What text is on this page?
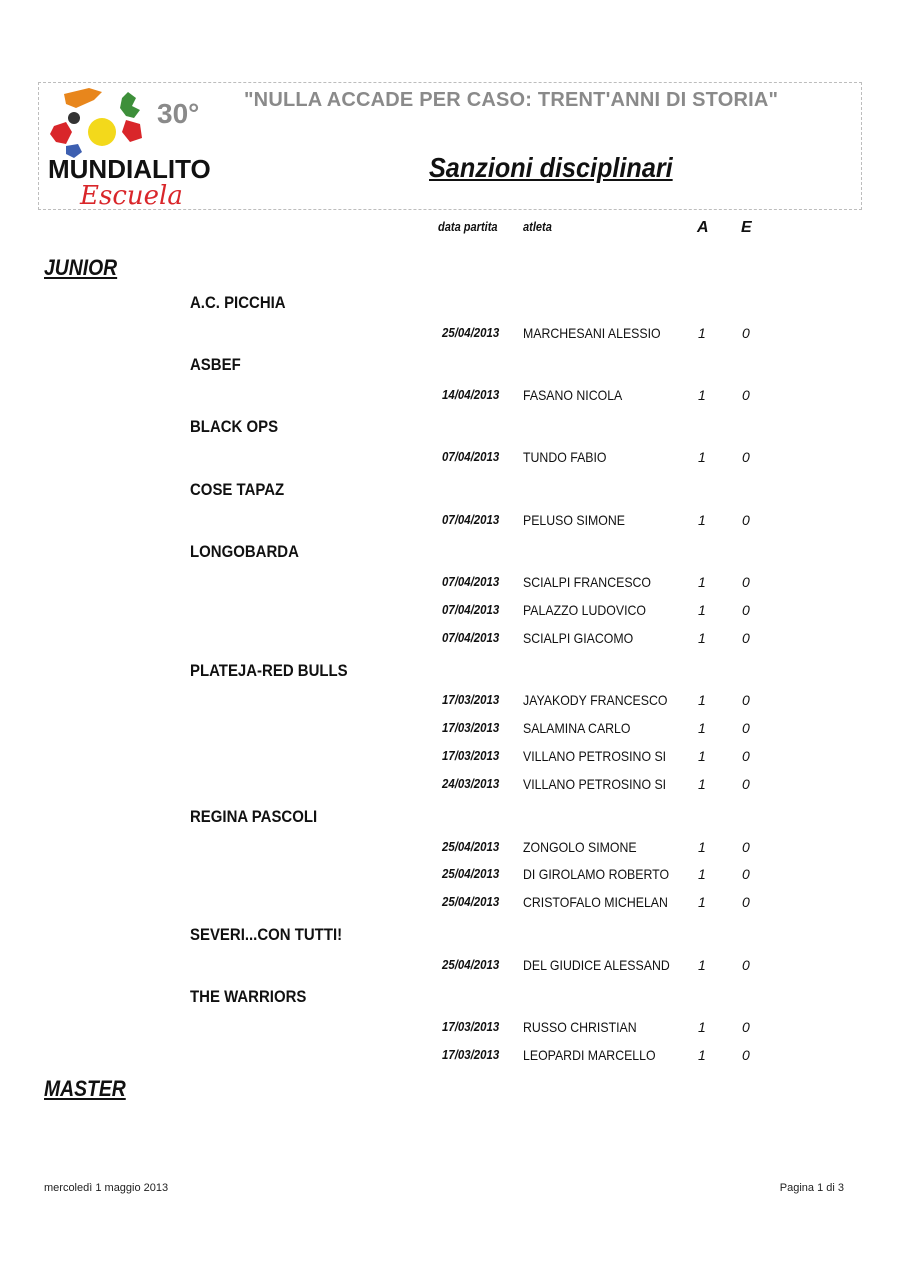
MUNDIALITO
Escuela
30° "NULLA ACCADE PER CASO: TRENT'ANNI DI STORIA"
Sanzioni disciplinari
data partita atleta	A E
JUNIOR
A.C. PICCHIA
25/04/2013 MARCHESANI ALESSIO	1	0
ASBEF
14/04/2013 FASANO NICOLA	1	0
BLACK OPS
07/04/2013 TUNDO FABIO	1	0
COSE TAPAZ
07/04/2013 PELUSO SIMONE	1	0
LONGOBARDA
07/04/2013 SCIALPI FRANCESCO	1	0
07/04/2013 PALAZZO LUDOVICO	1	0
07/04/2013 SCIALPI GIACOMO	1	0
PLATEJA-RED BULLS
17/03/2013 JAYAKODY FRANCESCO 1	0
17/03/2013 SALAMINA CARLO	1	0
17/03/2013 VILLANO PETROSINO SI 1	0
24/03/2013 VILLANO PETROSINO SI 1	0
REGINA PASCOLI
25/04/2013 ZONGOLO SIMONE	1	0
25/04/2013 DI GIROLAMO ROBERTO 1	0
25/04/2013 CRISTOFALO MICHELAN 1	0
SEVERI...CON TUTTI!
25/04/2013 DEL GIUDICE ALESSAND 1	0
THE WARRIORS
17/03/2013 RUSSO CHRISTIAN	1	0
17/03/2013 LEOPARDI MARCELLO	1	0
MASTER
mercoledì 1 maggio 2013	Pagina 1 di 3
